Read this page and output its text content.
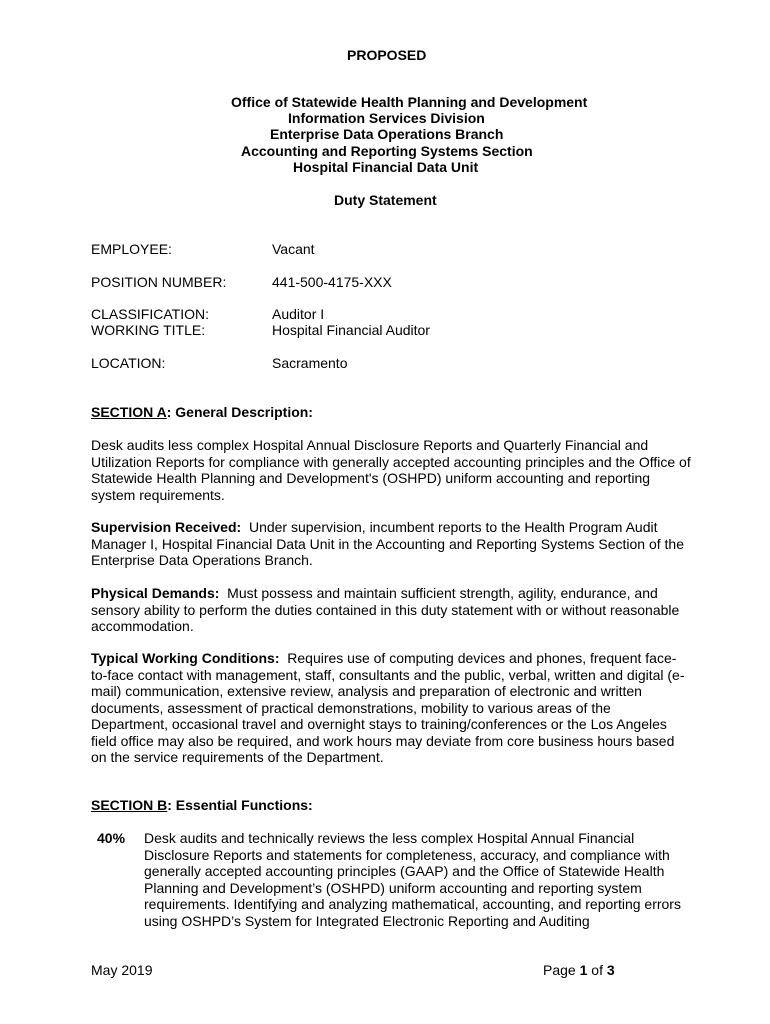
PROPOSED
Office of Statewide Health Planning and Development
Information Services Division
Enterprise Data Operations Branch
Accounting and Reporting Systems Section
Hospital Financial Data Unit
Duty Statement
EMPLOYEE:	Vacant
POSITION NUMBER:	441-500-4175-XXX
CLASSIFICATION:	Auditor I
WORKING TITLE:	Hospital Financial Auditor
LOCATION:	Sacramento
SECTION A: General Description:
Desk audits less complex Hospital Annual Disclosure Reports and Quarterly Financial and Utilization Reports for compliance with generally accepted accounting principles and the Office of Statewide Health Planning and Development's (OSHPD) uniform accounting and reporting system requirements.
Supervision Received: Under supervision, incumbent reports to the Health Program Audit Manager I, Hospital Financial Data Unit in the Accounting and Reporting Systems Section of the Enterprise Data Operations Branch.
Physical Demands: Must possess and maintain sufficient strength, agility, endurance, and sensory ability to perform the duties contained in this duty statement with or without reasonable accommodation.
Typical Working Conditions: Requires use of computing devices and phones, frequent face-to-face contact with management, staff, consultants and the public, verbal, written and digital (e-mail) communication, extensive review, analysis and preparation of electronic and written documents, assessment of practical demonstrations, mobility to various areas of the Department, occasional travel and overnight stays to training/conferences or the Los Angeles field office may also be required, and work hours may deviate from core business hours based on the service requirements of the Department.
SECTION B: Essential Functions:
40% Desk audits and technically reviews the less complex Hospital Annual Financial Disclosure Reports and statements for completeness, accuracy, and compliance with generally accepted accounting principles (GAAP) and the Office of Statewide Health Planning and Development’s (OSHPD) uniform accounting and reporting system requirements. Identifying and analyzing mathematical, accounting, and reporting errors using OSHPD’s System for Integrated Electronic Reporting and Auditing
May 2019	Page 1 of 3
